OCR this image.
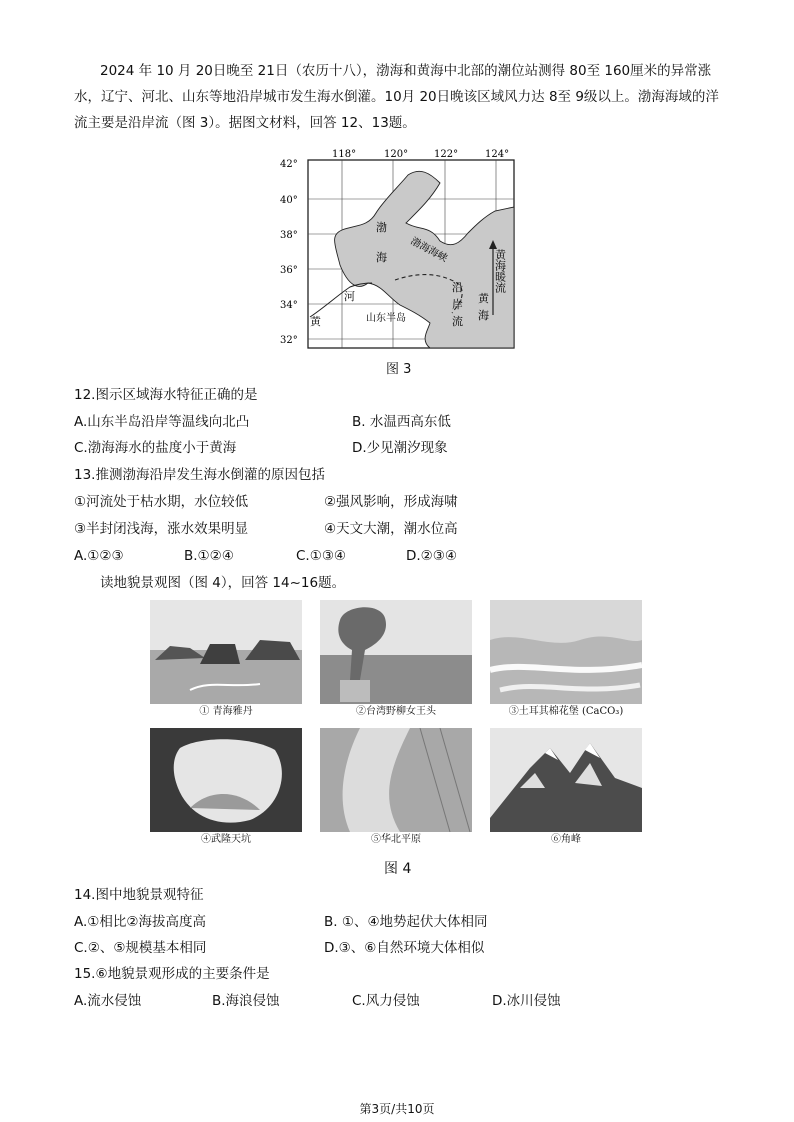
2024 年 10 月 20日晚至 21日（农历十八），渤海和黄海中北部的潮位站测得 80至 160厘米的异常涨水，辽宁、河北、山东等地沿岸城市发生海水倒灌。10月 20日晚该区域风力达 8至 9级以上。渤海海域的洋流主要是沿岸流（图 3）。据图文材料，回答 12、13题。
118°	120°	122°	124°
42°
40°
38°
36°
34°
32°
渤
海 渤海海峡
河
黄	山东半岛
沿
岸
流
黄
海
黄海暖流
图 3
12.图示区域海水特征正确的是
A.山东半岛沿岸等温线向北凸	B. 水温西高东低
C.渤海海水的盐度小于黄海	D.少见潮汐现象
13.推测渤海沿岸发生海水倒灌的原因包括
①河流处于枯水期，水位较低	②强风影响，形成海啸
③半封闭浅海，涨水效果明显	④天文大潮，潮水位高
A.①②③	B.①②④	C.①③④	D.②③④
读地貌景观图（图 4），回答 14~16题。
① 青海雅丹	②台湾野柳女王头	③土耳其棉花堡 (CaCO₃)
④武隆天坑	⑤华北平原	⑥角峰
图 4
14.图中地貌景观特征
A.①相比②海拔高度高	B. ①、④地势起伏大体相同
C.②、⑤规模基本相同	D.③、⑥自然环境大体相似
15.⑥地貌景观形成的主要条件是
A.流水侵蚀	B.海浪侵蚀	C.风力侵蚀	D.冰川侵蚀
第3页/共10页
